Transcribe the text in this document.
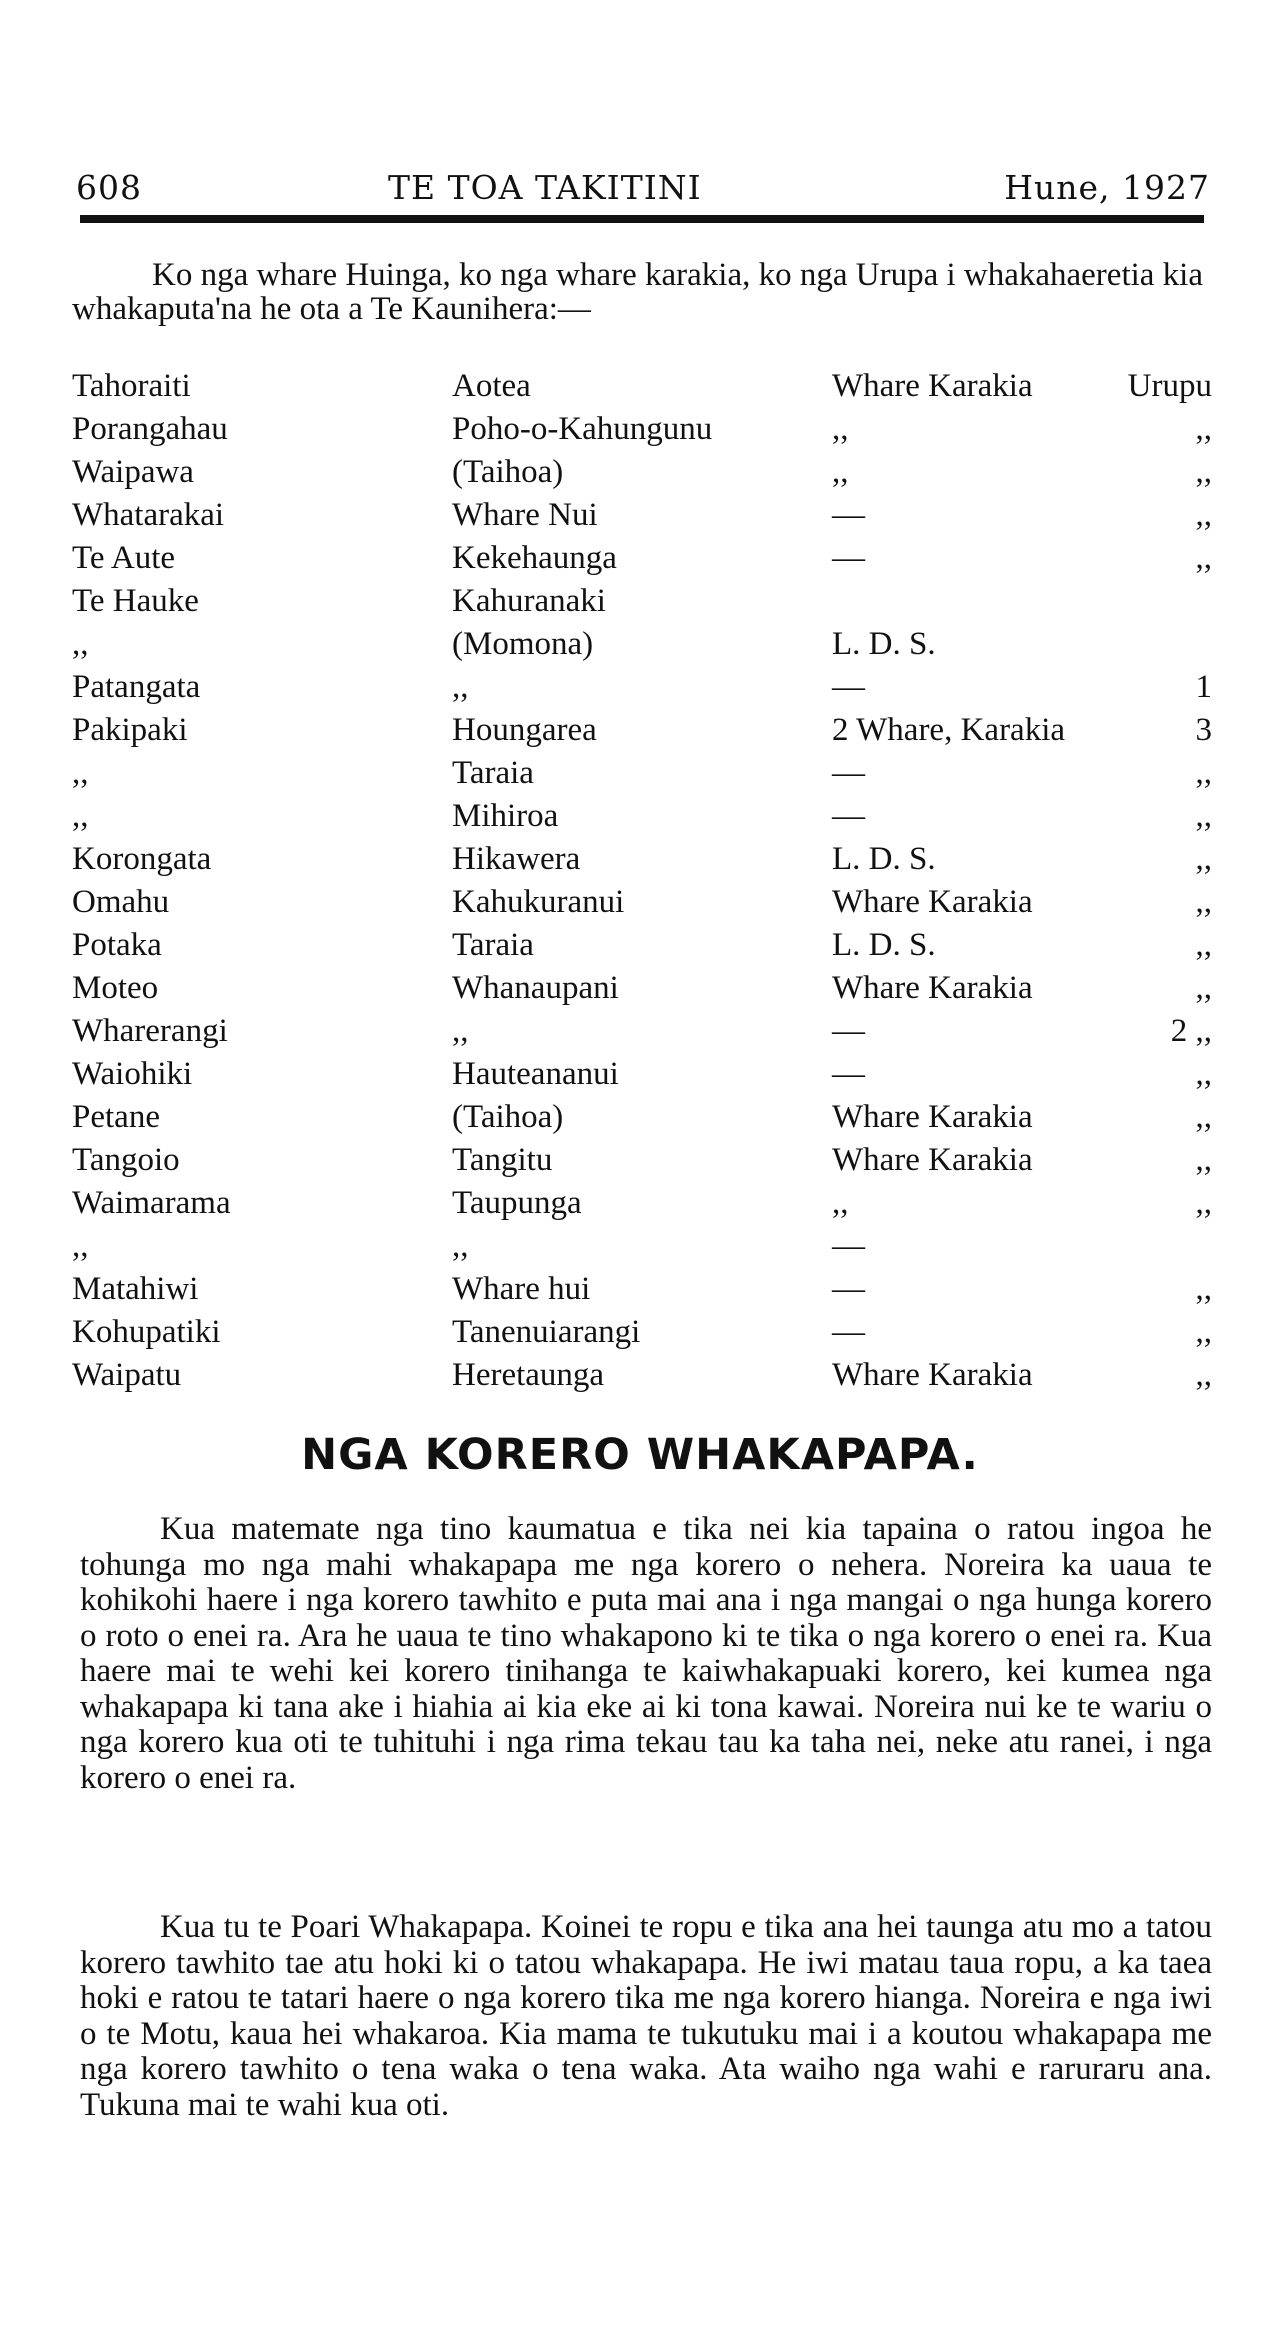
608	TE TOA TAKITINI	Hune, 1927

Ko nga whare Huinga, ko nga whare karakia, ko nga Urupa i whakahaeretia kia whakaputa'na he ota a Te Kaunihera:—

Tahoraiti	Aotea	Whare Karakia	Urupu
Porangahau	Poho-o-Kahungunu	,,	,,
Waipawa	(Taihoa)	,,	,,
Whatarakai	Whare Nui	—	,,
Te Aute	Kekehaunga	—	,,
Te Hauke	Kahuranaki
,,	(Momona)	L. D. S.
Patangata	,,	—	1
Pakipaki	Houngarea	2 Whare, Karakia	3
,,	Taraia	—	,,
,,	Mihiroa	—	,,
Korongata	Hikawera	L. D. S.	,,
Omahu	Kahukuranui	Whare Karakia	,,
Potaka	Taraia	L. D. S.	,,
Moteo	Whanaupani	Whare Karakia	,,
Wharerangi	,,	—	2 ,,
Waiohiki	Hauteananui	—	,,
Petane	(Taihoa)	Whare Karakia	,,
Tangoio	Tangitu	Whare Karakia	,,
Waimarama	Taupunga	,,	,,
,,	,,	—
Matahiwi	Whare hui	—	,,
Kohupatiki	Tanenuiarangi	—	,,
Waipatu	Heretaunga	Whare Karakia	,,
NGA KORERO WHAKAPAPA.

Kua matemate nga tino kaumatua e tika nei kia tapaina o ratou ingoa he tohunga mo nga mahi whakapapa me nga korero o nehera. Noreira ka uaua te kohikohi haere i nga korero tawhito e puta mai ana i nga mangai o nga hunga korero o roto o enei ra. Ara he uaua te tino whakapono ki te tika o nga korero o enei ra. Kua haere mai te wehi kei korero tinihanga te kaiwhakapuaki korero, kei kumea nga whakapapa ki tana ake i hiahia ai kia eke ai ki tona kawai. Noreira nui ke te wariu o nga korero kua oti te tuhituhi i nga rima tekau tau ka taha nei, neke atu ranei, i nga korero o enei ra.

Kua tu te Poari Whakapapa. Koinei te ropu e tika ana hei taunga atu mo a tatou korero tawhito tae atu hoki ki o tatou whakapapa. He iwi matau taua ropu, a ka taea hoki e ratou te tatari haere o nga korero tika me nga korero hianga. Noreira e nga iwi o te Motu, kaua hei whakaroa. Kia mama te tukutuku mai i a koutou whakapapa me nga korero tawhito o tena waka o tena waka. Ata waiho nga wahi e raruraru ana. Tukuna mai te wahi kua oti.
